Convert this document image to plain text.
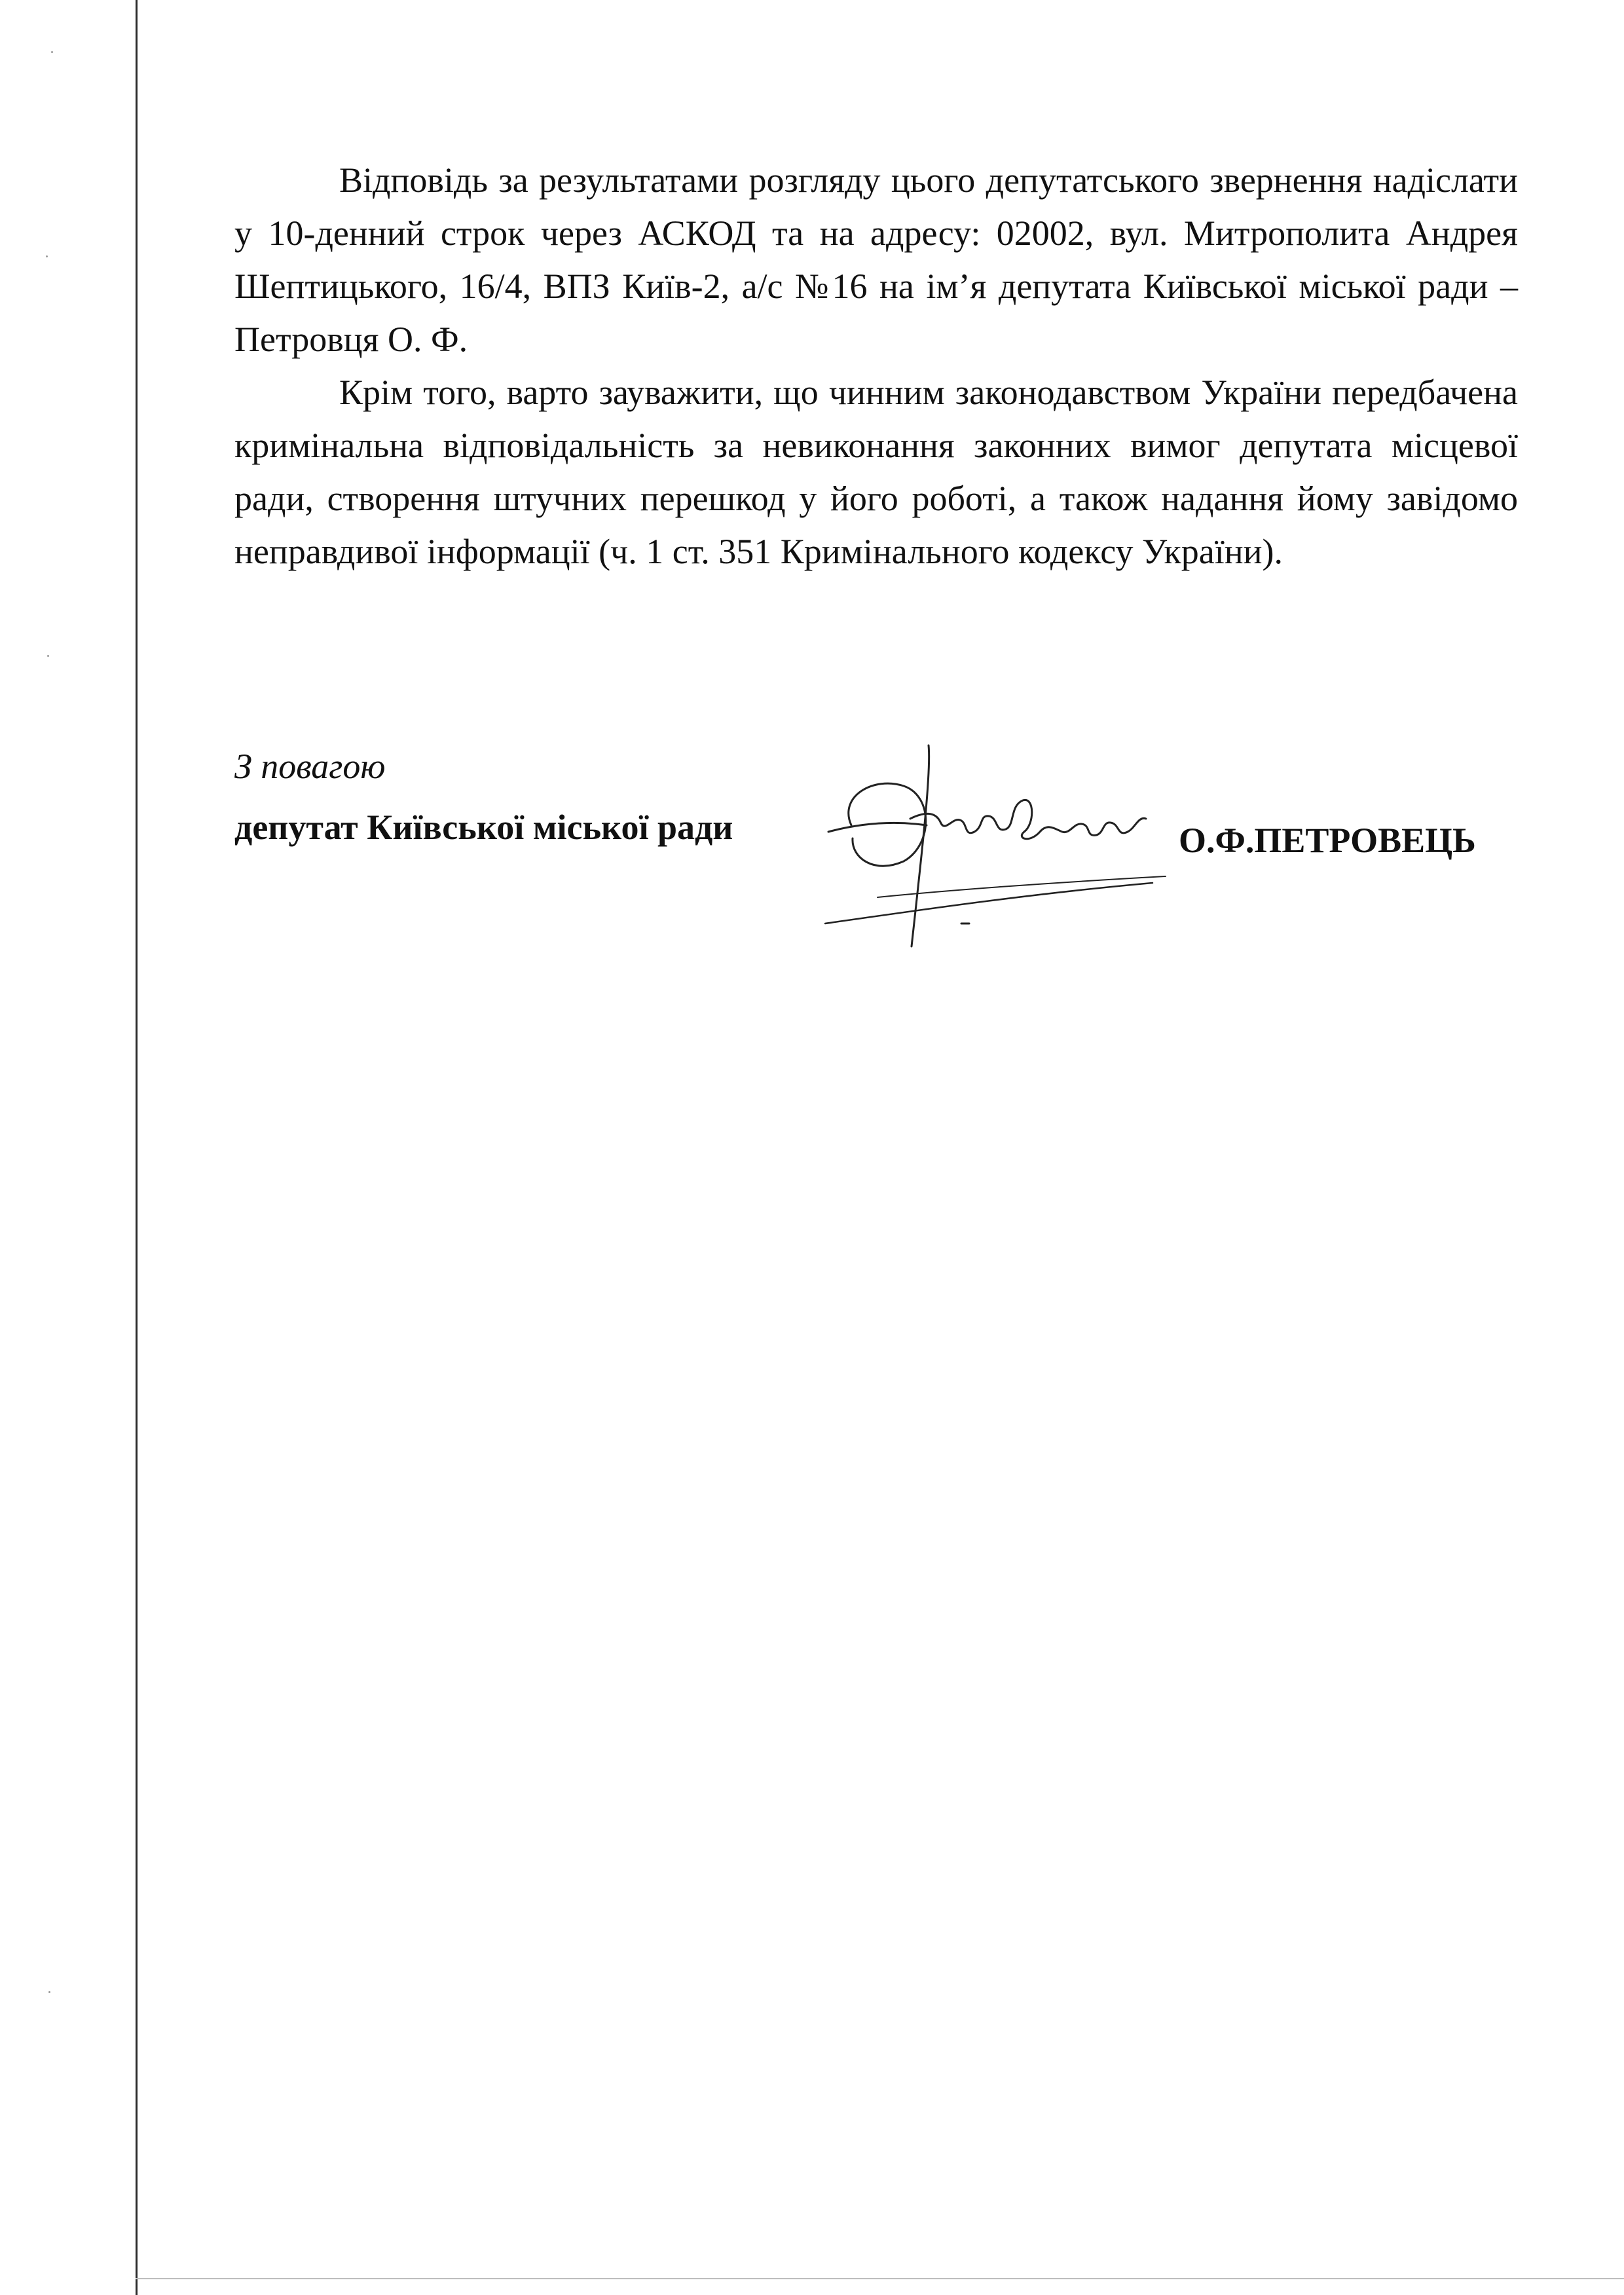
Відповідь за результатами розгляду цього депутатського звернення надіслати у 10-денний строк через АСКОД та на адресу: 02002, вул. Митрополита Андрея Шептицького, 16/4, ВПЗ Київ-2, а/с №16 на ім’я депутата Київської міської ради – Петровця О. Ф.

Крім того, варто зауважити, що чинним законодавством України передбачена кримінальна відповідальність за невиконання законних вимог депутата місцевої ради, створення штучних перешкод у його роботі, а також надання йому завідомо неправдивої інформації (ч. 1 ст. 351 Кримінального кодексу України).

З повагою
депутат Київської міської ради	О.Ф.ПЕТРОВЕЦЬ
